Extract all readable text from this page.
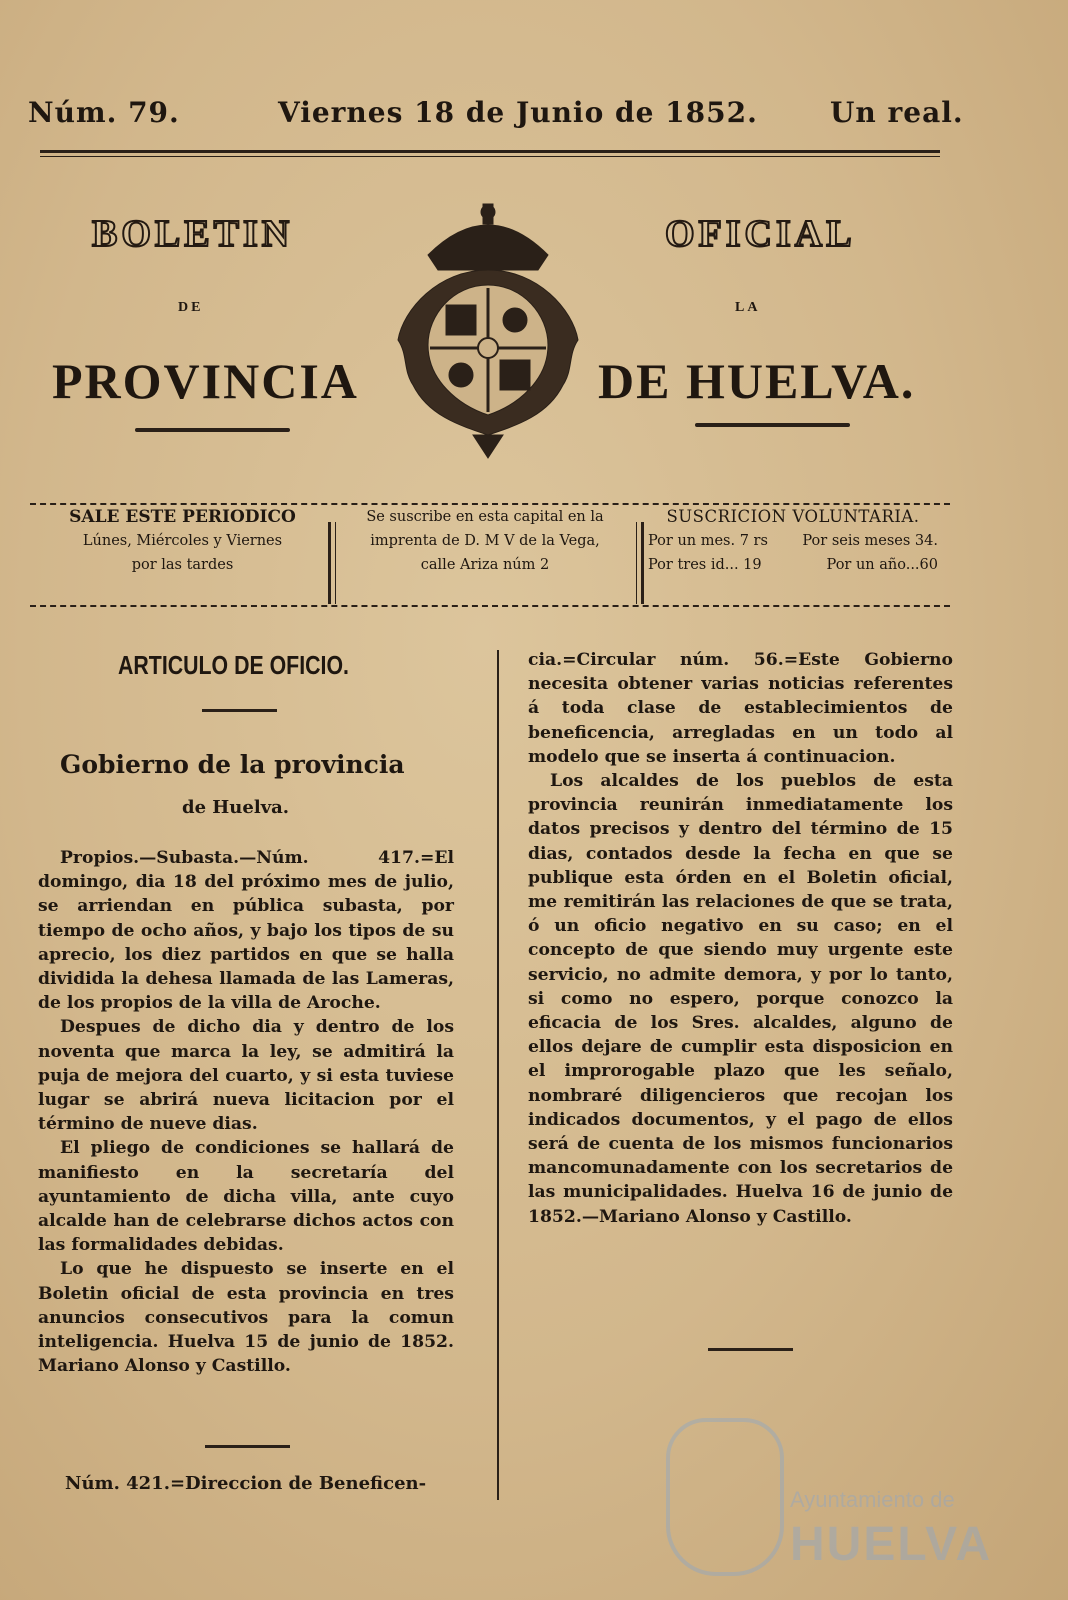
Núm. 79.	Viernes 18 de Junio de 1852.	Un real.
BOLETIN	OFICIAL
DE	LA
PROVINCIA	DE HUELVA.
SALE ESTE PERIODICO
Lúnes, Miércoles y Viernes
por las tardes
Se suscribe en esta capital en la
imprenta de D. M V de la Vega,
calle Ariza núm 2
SUSCRICION VOLUNTARIA.
Por un mes. 7 rs Por seis meses 34.
Por tres id... 19	Por un año...60
ARTICULO DE OFICIO.
Gobierno de la provincia
de Huelva.

Propios.—Subasta.—Núm. 417.=El domingo, dia 18 del próximo mes de julio, se arriendan en pública subasta, por tiempo de ocho años, y bajo los tipos de su aprecio, los diez partidos en que se halla dividida la dehesa llamada de las Lameras, de los propios de la villa de Aroche.

Despues de dicho dia y dentro de los noventa que marca la ley, se admitirá la puja de mejora del cuarto, y si esta tuviese lugar se abrirá nueva licitacion por el término de nueve dias.

El pliego de condiciones se hallará de manifiesto en la secretaría del ayuntamiento de dicha villa, ante cuyo alcalde han de celebrarse dichos actos con las formalidades debidas.

Lo que he dispuesto se inserte en el Boletin oficial de esta provincia en tres anuncios consecutivos para la comun inteligencia. Huelva 15 de junio de 1852. Mariano Alonso y Castillo.

Núm. 421.=Direccion de Beneficen-

cia.=Circular núm. 56.=Este Gobierno necesita obtener varias noticias referentes á toda clase de establecimientos de beneficencia, arregladas en un todo al modelo que se inserta á continuacion.

Los alcaldes de los pueblos de esta provincia reunirán inmediatamente los datos precisos y dentro del término de 15 dias, contados desde la fecha en que se publique esta órden en el Boletin oficial, me remitirán las relaciones de que se trata, ó un oficio negativo en su caso; en el concepto de que siendo muy urgente este servicio, no admite demora, y por lo tanto, si como no espero, porque conozco la eficacia de los Sres. alcaldes, alguno de ellos dejare de cumplir esta disposicion en el improrogable plazo que les señalo, nombraré diligencieros que recojan los indicados documentos, y el pago de ellos será de cuenta de los mismos funcionarios mancomunadamente con los secretarios de las municipalidades. Huelva 16 de junio de 1852.—Mariano Alonso y Castillo.

Ayuntamiento de
HUELVA
